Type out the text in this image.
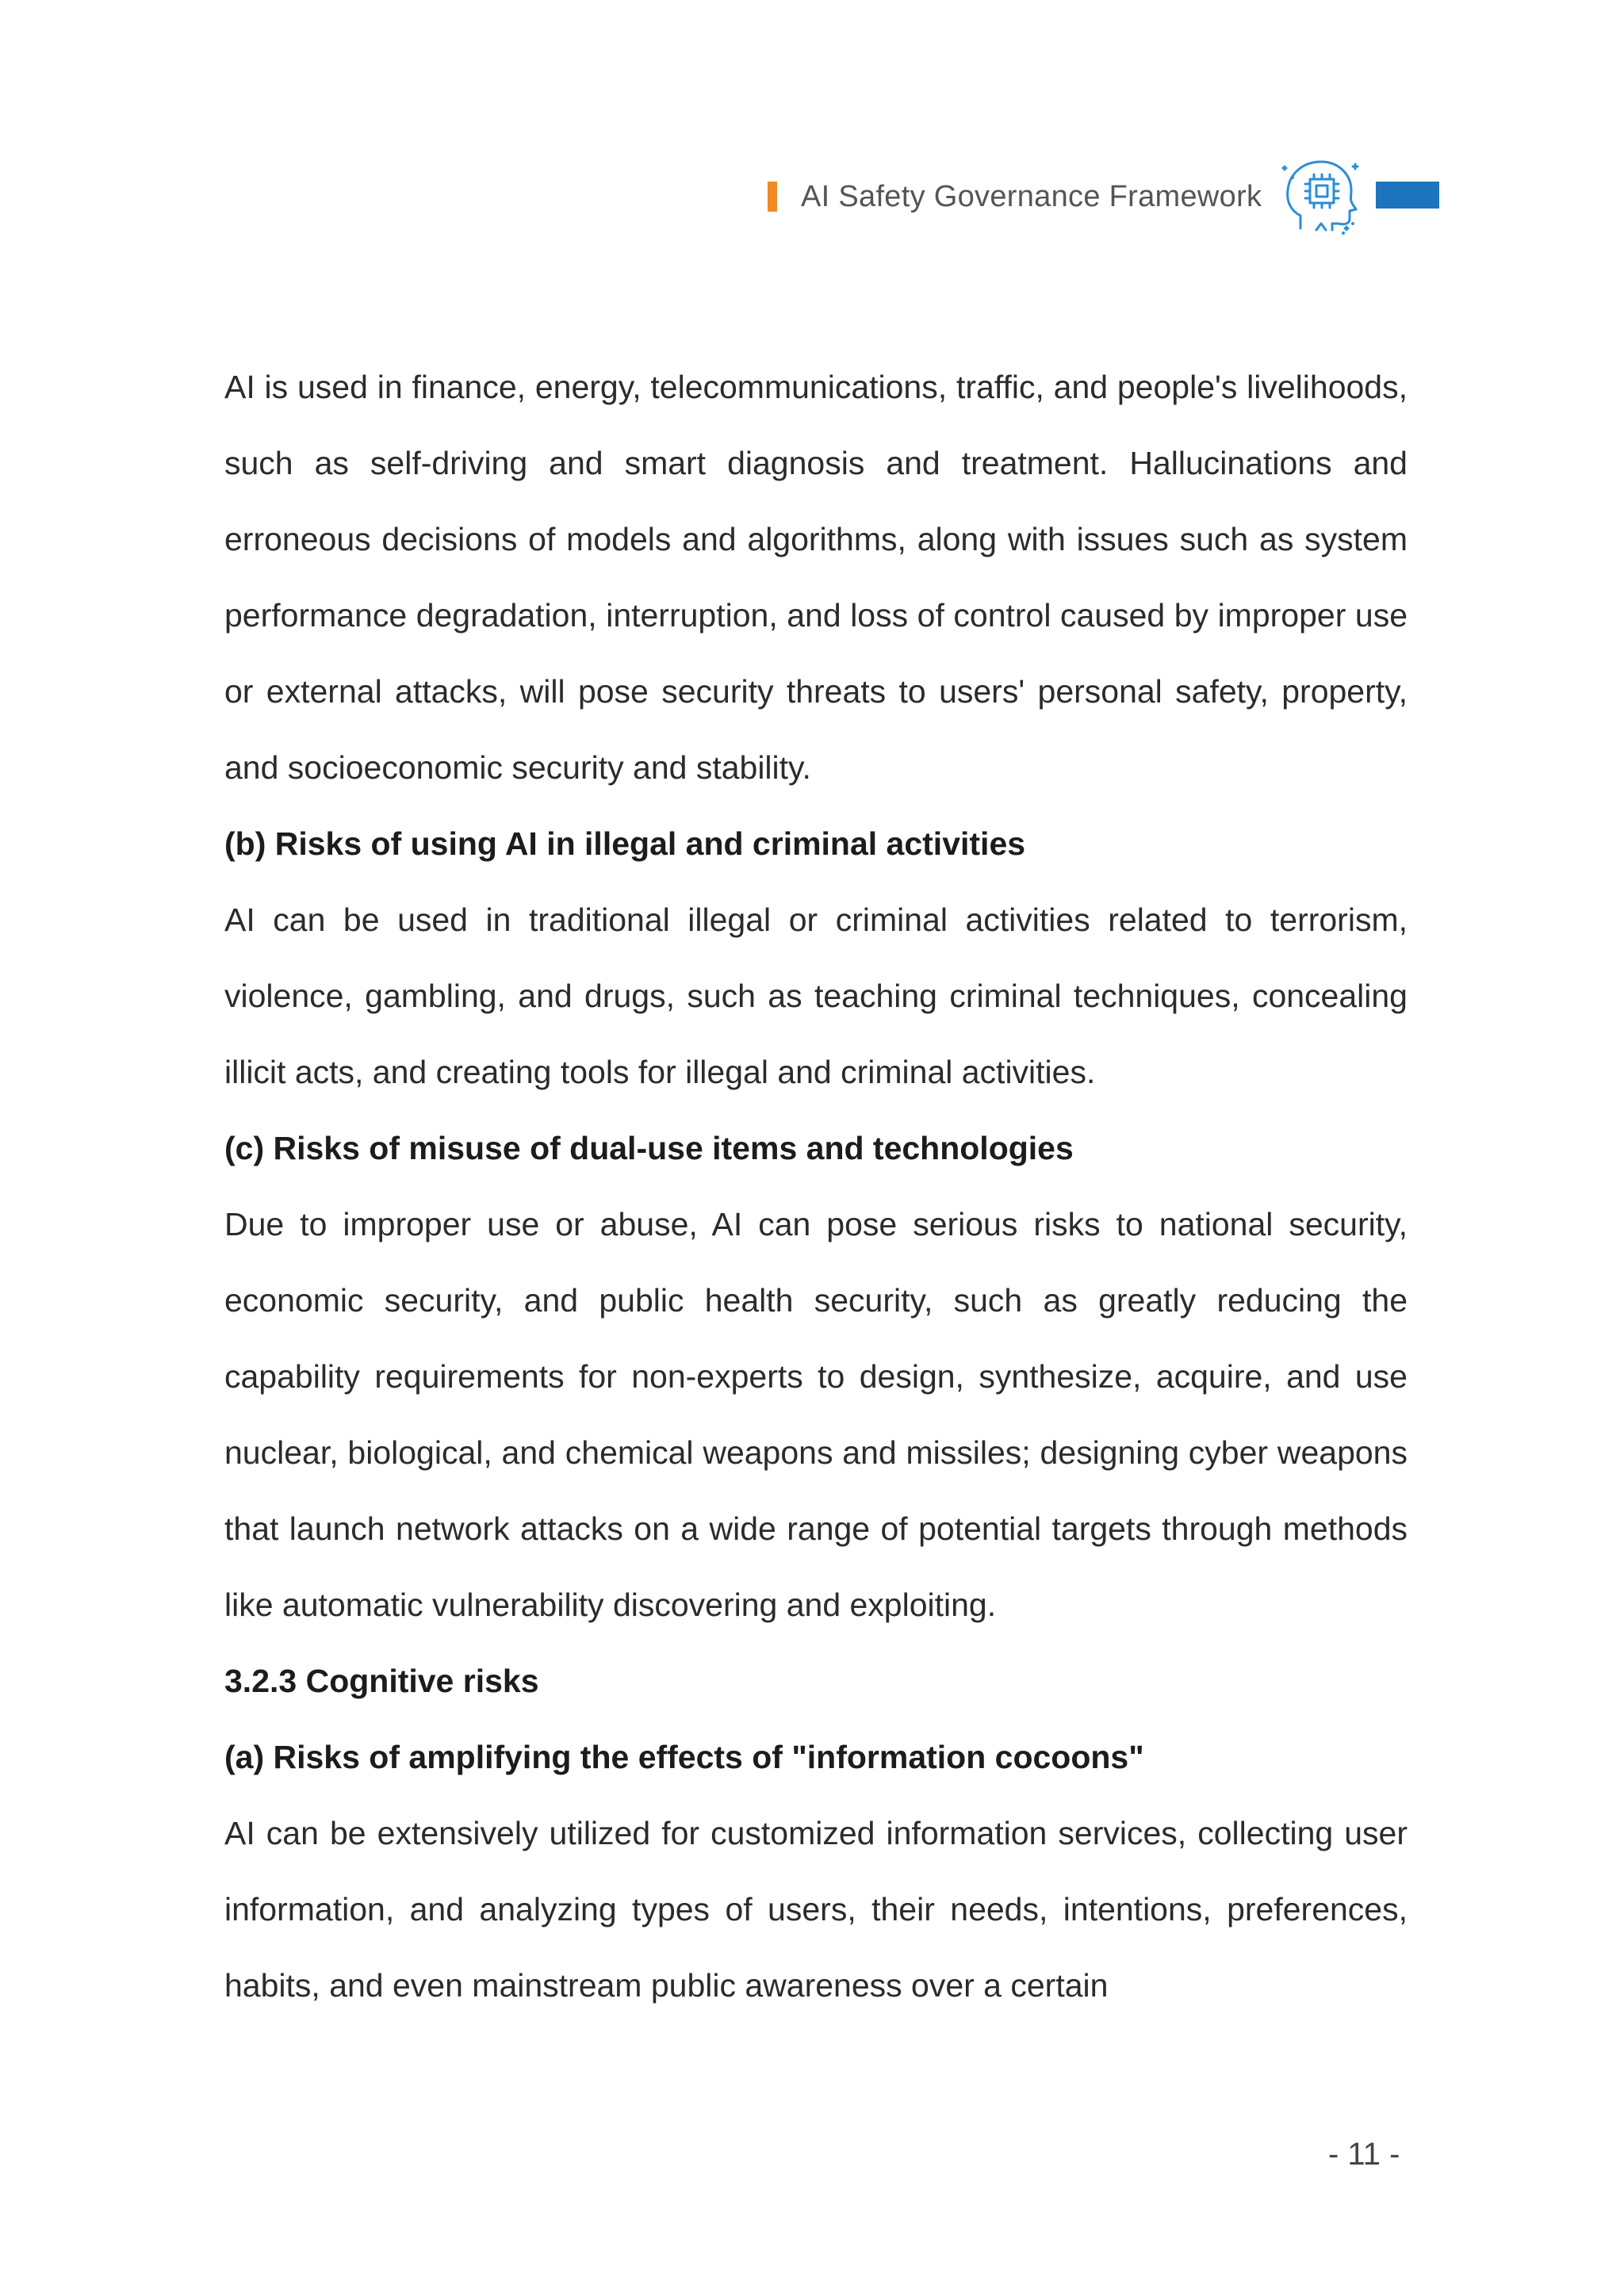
AI Safety Governance Framework

AI is used in finance, energy, telecommunications, traffic, and people's livelihoods, such as self-driving and smart diagnosis and treatment. Hallucinations and erroneous decisions of models and algorithms, along with issues such as system performance degradation, interruption, and loss of control caused by improper use or external attacks, will pose security threats to users' personal safety, property, and socioeconomic security and stability.

(b) Risks of using AI in illegal and criminal activities

AI can be used in traditional illegal or criminal activities related to terrorism, violence, gambling, and drugs, such as teaching criminal techniques, concealing illicit acts, and creating tools for illegal and criminal activities.

(c) Risks of misuse of dual-use items and technologies

Due to improper use or abuse, AI can pose serious risks to national security, economic security, and public health security, such as greatly reducing the capability requirements for non-experts to design, synthesize, acquire, and use nuclear, biological, and chemical weapons and missiles; designing cyber weapons that launch network attacks on a wide range of potential targets through methods like automatic vulnerability discovering and exploiting.

3.2.3 Cognitive risks

(a) Risks of amplifying the effects of "information cocoons"

AI can be extensively utilized for customized information services, collecting user information, and analyzing types of users, their needs, intentions, preferences, habits, and even mainstream public awareness over a certain

- 11 -
